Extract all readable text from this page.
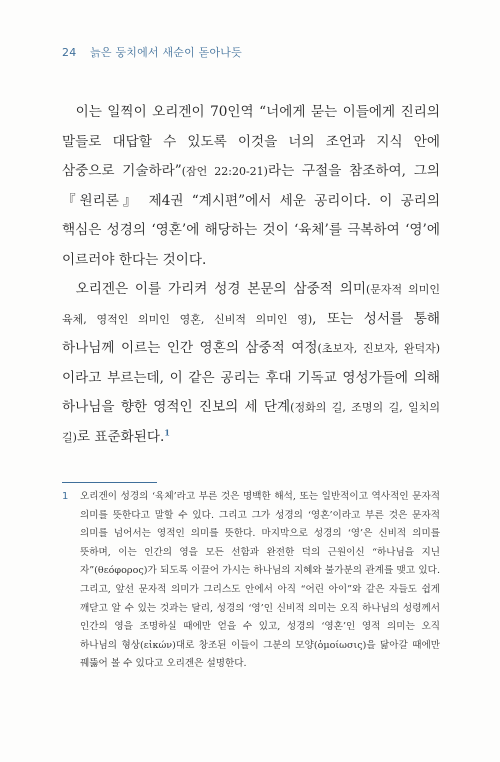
24 늙은 둥치에서 새순이 돋아나듯

이는 일찍이 오리겐이 70인역 “너에게 묻는 이들에게 진리의 말들로 대답할 수 있도록 이것을 너의 조언과 지식 안에 삼중으로 기술하라”(잠언 22:20-21)라는 구절을 참조하여, 그의 『원리론』 제4권 “계시편”에서 세운 공리이다. 이 공리의 핵심은 성경의 ‘영혼’에 해당하는 것이 ‘육체’를 극복하여 ‘영’에 이르러야 한다는 것이다.

오리겐은 이를 가리켜 성경 본문의 삼중적 의미(문자적 의미인 육체, 영적인 의미인 영혼, 신비적 의미인 영), 또는 성서를 통해 하나님께 이르는 인간 영혼의 삼중적 여정(초보자, 진보자, 완덕자)이라고 부르는데, 이 같은 공리는 후대 기독교 영성가들에 의해 하나님을 향한 영적인 진보의 세 단계(정화의 길, 조명의 길, 일치의 길)로 표준화된다.$^1$

1	오리겐이 성경의 ‘육체’라고 부른 것은 명백한 해석, 또는 일반적이고 역사적인 문자적 의미를 뜻한다고 말할 수 있다. 그리고 그가 성경의 ‘영혼’이라고 부른 것은 문자적 의미를 넘어서는 영적인 의미를 뜻한다. 마지막으로 성경의 ‘영’은 신비적 의미를 뜻하며, 이는 인간의 영을 모든 선함과 완전한 덕의 근원이신 “하나님을 지닌 자”(θεόφορος)가 되도록 이끌어 가시는 하나님의 지혜와 불가분의 관계를 맺고 있다. 그리고, 앞선 문자적 의미가 그리스도 안에서 아직 “어린 아이”와 같은 자들도 쉽게 깨닫고 알 수 있는 것과는 달리, 성경의 ‘영’인 신비적 의미는 오직 하나님의 성령께서 인간의 영을 조명하실 때에만 얻을 수 있고, 성경의 ‘영혼’인 영적 의미는 오직 하나님의 형상(εἰκών)대로 창조된 이들이 그분의 모양(ὁμοίωσις)을 닮아갈 때에만 꿰뚫어 볼 수 있다고 오리겐은 설명한다.
